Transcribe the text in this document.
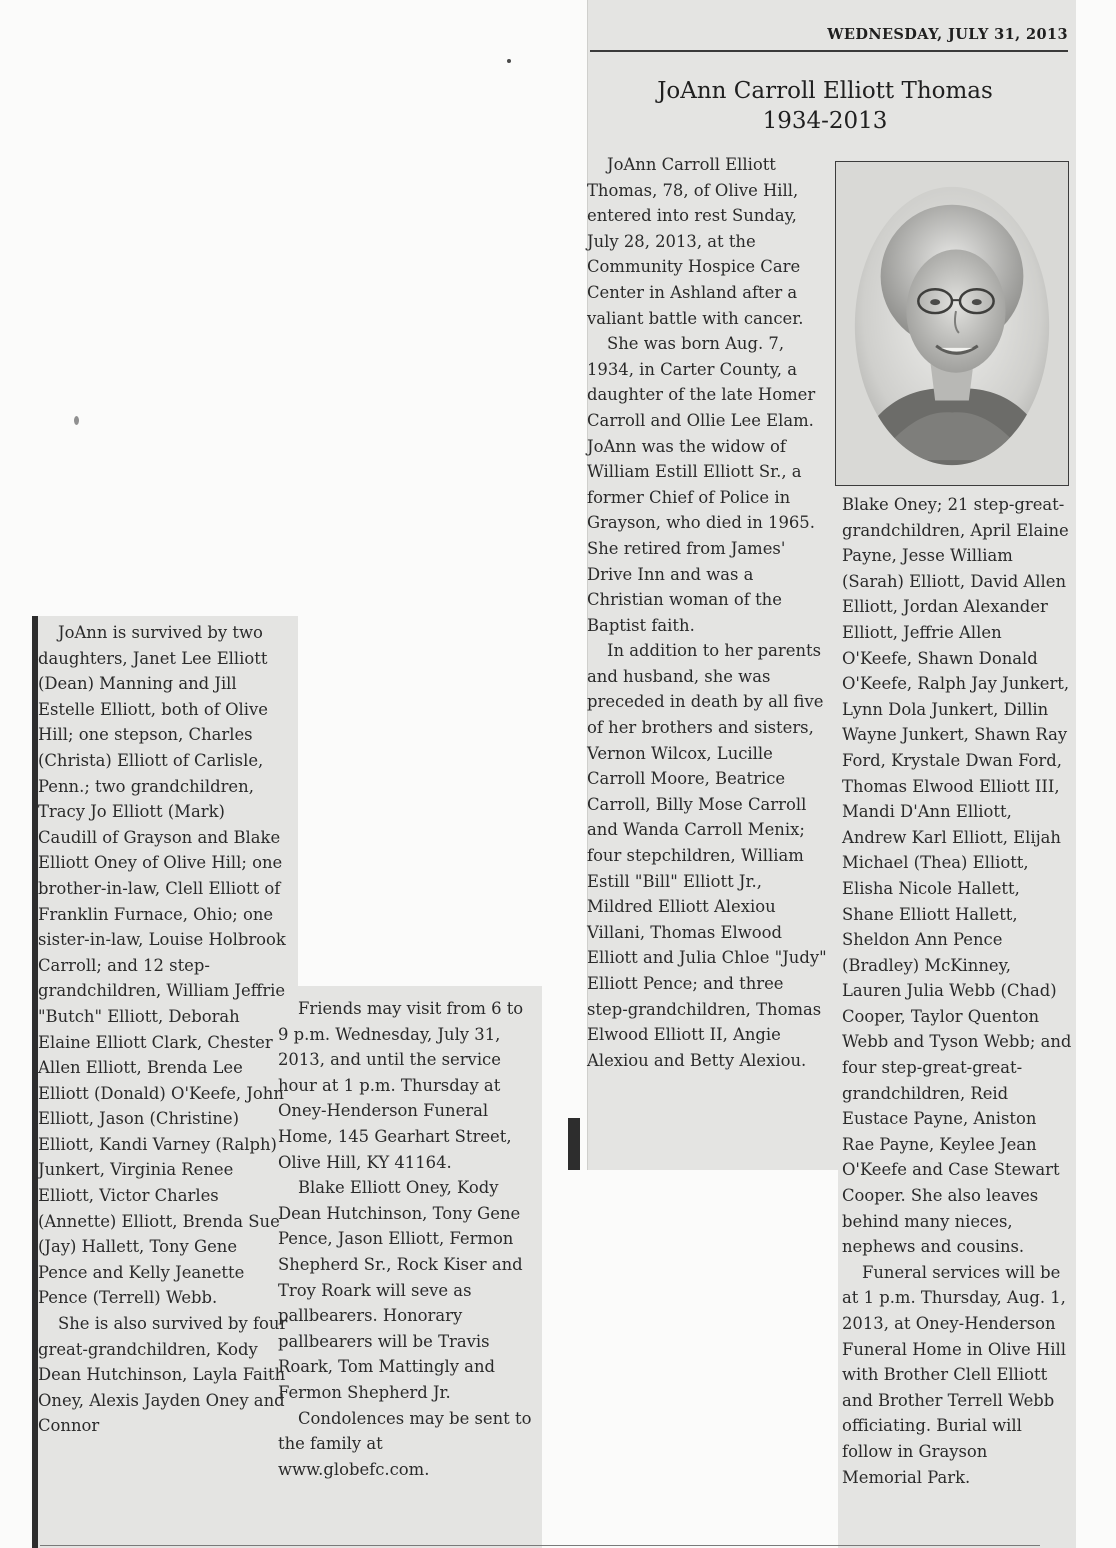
WEDNESDAY, JULY 31, 2013
JoAnn Carroll Elliott Thomas
1934-2013

JoAnn Carroll Elliott Thomas, 78, of Olive Hill, entered into rest Sunday, July 28, 2013, at the Community Hospice Care Center in Ashland after a valiant battle with cancer.

She was born Aug. 7, 1934, in Carter County, a daughter of the late Homer Carroll and Ollie Lee Elam. JoAnn was the widow of William Estill Elliott Sr., a former Chief of Police in Grayson, who died in 1965. She retired from James' Drive Inn and was a Christian woman of the Baptist faith.

In addition to her parents and husband, she was preceded in death by all five of her brothers and sisters, Vernon Wilcox, Lucille Carroll Moore, Beatrice Carroll, Billy Mose Carroll and Wanda Carroll Menix; four stepchildren, William Estill "Bill" Elliott Jr., Mildred Elliott Alexiou Villani, Thomas Elwood Elliott and Julia Chloe "Judy" Elliott Pence; and three step-grandchildren, Thomas Elwood Elliott II, Angie Alexiou and Betty Alexiou.

Blake Oney; 21 step-great-grandchildren, April Elaine Payne, Jesse William (Sarah) Elliott, David Allen Elliott, Jordan Alexander Elliott, Jeffrie Allen O'Keefe, Shawn Donald O'Keefe, Ralph Jay Junkert, Lynn Dola Junkert, Dillin Wayne Junkert, Shawn Ray Ford, Krystale Dwan Ford, Thomas Elwood Elliott III, Mandi D'Ann Elliott, Andrew Karl Elliott, Elijah Michael (Thea) Elliott, Elisha Nicole Hallett, Shane Elliott Hallett, Sheldon Ann Pence (Bradley) McKinney, Lauren Julia Webb (Chad) Cooper, Taylor Quenton Webb and Tyson Webb; and four step-great-great-grandchildren, Reid Eustace Payne, Aniston Rae Payne, Keylee Jean O'Keefe and Case Stewart Cooper. She also leaves behind many nieces, nephews and cousins.

Funeral services will be at 1 p.m. Thursday, Aug. 1, 2013, at Oney-Henderson Funeral Home in Olive Hill with Brother Clell Elliott and Brother Terrell Webb officiating. Burial will follow in Grayson Memorial Park.

JoAnn is survived by two daughters, Janet Lee Elliott (Dean) Manning and Jill Estelle Elliott, both of Olive Hill; one stepson, Charles (Christa) Elliott of Carlisle, Penn.; two grandchildren, Tracy Jo Elliott (Mark) Caudill of Grayson and Blake Elliott Oney of Olive Hill; one brother-in-law, Clell Elliott of Franklin Furnace, Ohio; one sister-in-law, Louise Holbrook Carroll; and 12 step-grandchildren, William Jeffrie "Butch" Elliott, Deborah Elaine Elliott Clark, Chester Allen Elliott, Brenda Lee Elliott (Donald) O'Keefe, John Elliott, Jason (Christine) Elliott, Kandi Varney (Ralph) Junkert, Virginia Renee Elliott, Victor Charles (Annette) Elliott, Brenda Sue (Jay) Hallett, Tony Gene Pence and Kelly Jeanette Pence (Terrell) Webb.

She is also survived by four great-grandchildren, Kody Dean Hutchinson, Layla Faith Oney, Alexis Jayden Oney and Connor

Friends may visit from 6 to 9 p.m. Wednesday, July 31, 2013, and until the service hour at 1 p.m. Thursday at Oney-Henderson Funeral Home, 145 Gearhart Street, Olive Hill, KY 41164.

Blake Elliott Oney, Kody Dean Hutchinson, Tony Gene Pence, Jason Elliott, Fermon Shepherd Sr., Rock Kiser and Troy Roark will seve as pallbearers. Honorary pallbearers will be Travis Roark, Tom Mattingly and Fermon Shepherd Jr.

Condolences may be sent to the family at www.globefc.com.
